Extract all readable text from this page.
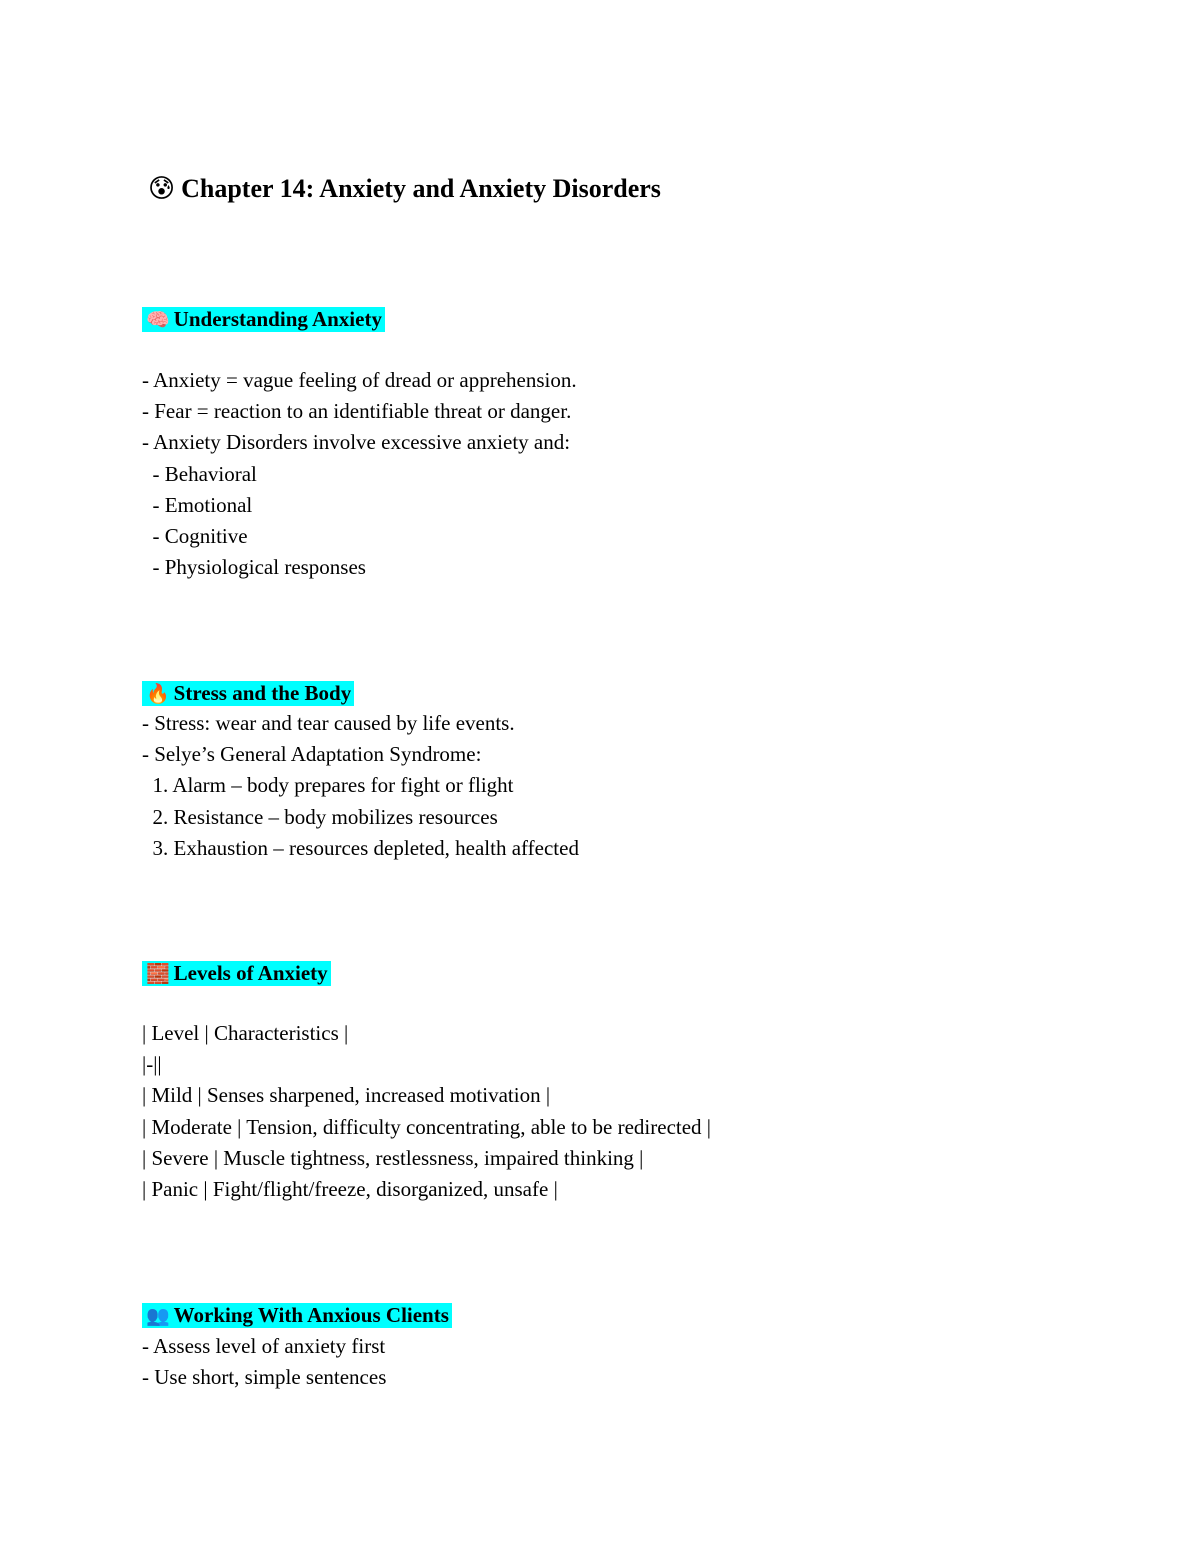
😰 Chapter 14: Anxiety and Anxiety Disorders
🧠 Understanding Anxiety
- Anxiety = vague feeling of dread or apprehension.
- Fear = reaction to an identifiable threat or danger.
- Anxiety Disorders involve excessive anxiety and:
- Behavioral
- Emotional
- Cognitive
- Physiological responses
🔥 Stress and the Body
- Stress: wear and tear caused by life events.
- Selye’s General Adaptation Syndrome:
1. Alarm – body prepares for fight or flight
2. Resistance – body mobilizes resources
3. Exhaustion – resources depleted, health affected
🧱 Levels of Anxiety
| Level | Characteristics |
|-||
| Mild | Senses sharpened, increased motivation |
| Moderate | Tension, difficulty concentrating, able to be redirected |
| Severe | Muscle tightness, restlessness, impaired thinking |
| Panic | Fight/flight/freeze, disorganized, unsafe |
👥 Working With Anxious Clients
- Assess level of anxiety first
- Use short, simple sentences
